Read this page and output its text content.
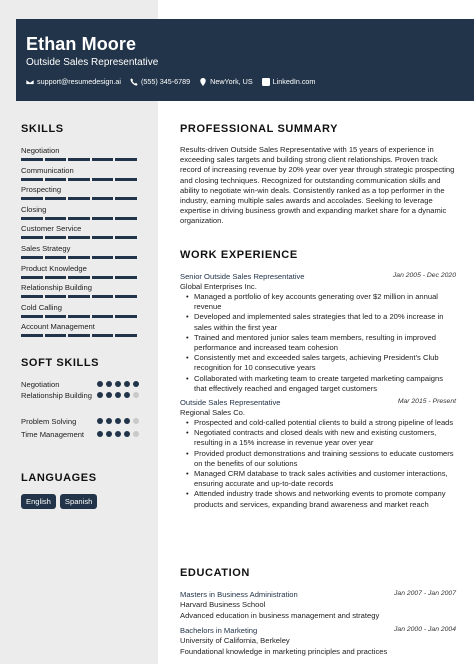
Ethan Moore
Outside Sales Representative
support@resumedesign.ai	(555) 345-6789	NewYork, US	LinkedIn.com
SKILLS
Negotiation
Communication
Prospecting
Closing
Customer Service
Sales Strategy
Product Knowledge
Relationship Building
Cold Calling
Account Management
SOFT SKILLS
Negotiation
Relationship Building
Problem Solving
Time Management
LANGUAGES
English	Spanish
PROFESSIONAL SUMMARY
Results-driven Outside Sales Representative with 15 years of experience in exceeding sales targets and building strong client relationships. Proven track record of increasing revenue by 20% year over year through strategic prospecting and closing techniques. Recognized for outstanding communication skills and ability to negotiate win-win deals. Consistently ranked as a top performer in the industry, earning multiple sales awards and accolades. Seeking to leverage expertise in driving business growth and expanding market share for a dynamic organization.
WORK EXPERIENCE
Senior Outside Sales Representative	Jan 2005 - Dec 2020
Global Enterprises Inc.
• Managed a portfolio of key accounts generating over $2 million in annual revenue
• Developed and implemented sales strategies that led to a 20% increase in sales within the first year
• Trained and mentored junior sales team members, resulting in improved performance and increased team cohesion
• Consistently met and exceeded sales targets, achieving President's Club recognition for 10 consecutive years
• Collaborated with marketing team to create targeted marketing campaigns that effectively reached and engaged target customers
Outside Sales Representative	Mar 2015 - Present
Regional Sales Co.
• Prospected and cold-called potential clients to build a strong pipeline of leads
• Negotiated contracts and closed deals with new and existing customers, resulting in a 15% increase in revenue year over year
• Provided product demonstrations and training sessions to educate customers on the benefits of our solutions
• Managed CRM database to track sales activities and customer interactions, ensuring accurate and up-to-date records
• Attended industry trade shows and networking events to promote company products and services, expanding brand awareness and market reach
EDUCATION
Masters in Business Administration	Jan 2007 - Jan 2007
Harvard Business School
Advanced education in business management and strategy
Bachelors in Marketing	Jan 2000 - Jan 2004
University of California, Berkeley
Foundational knowledge in marketing principles and practices
